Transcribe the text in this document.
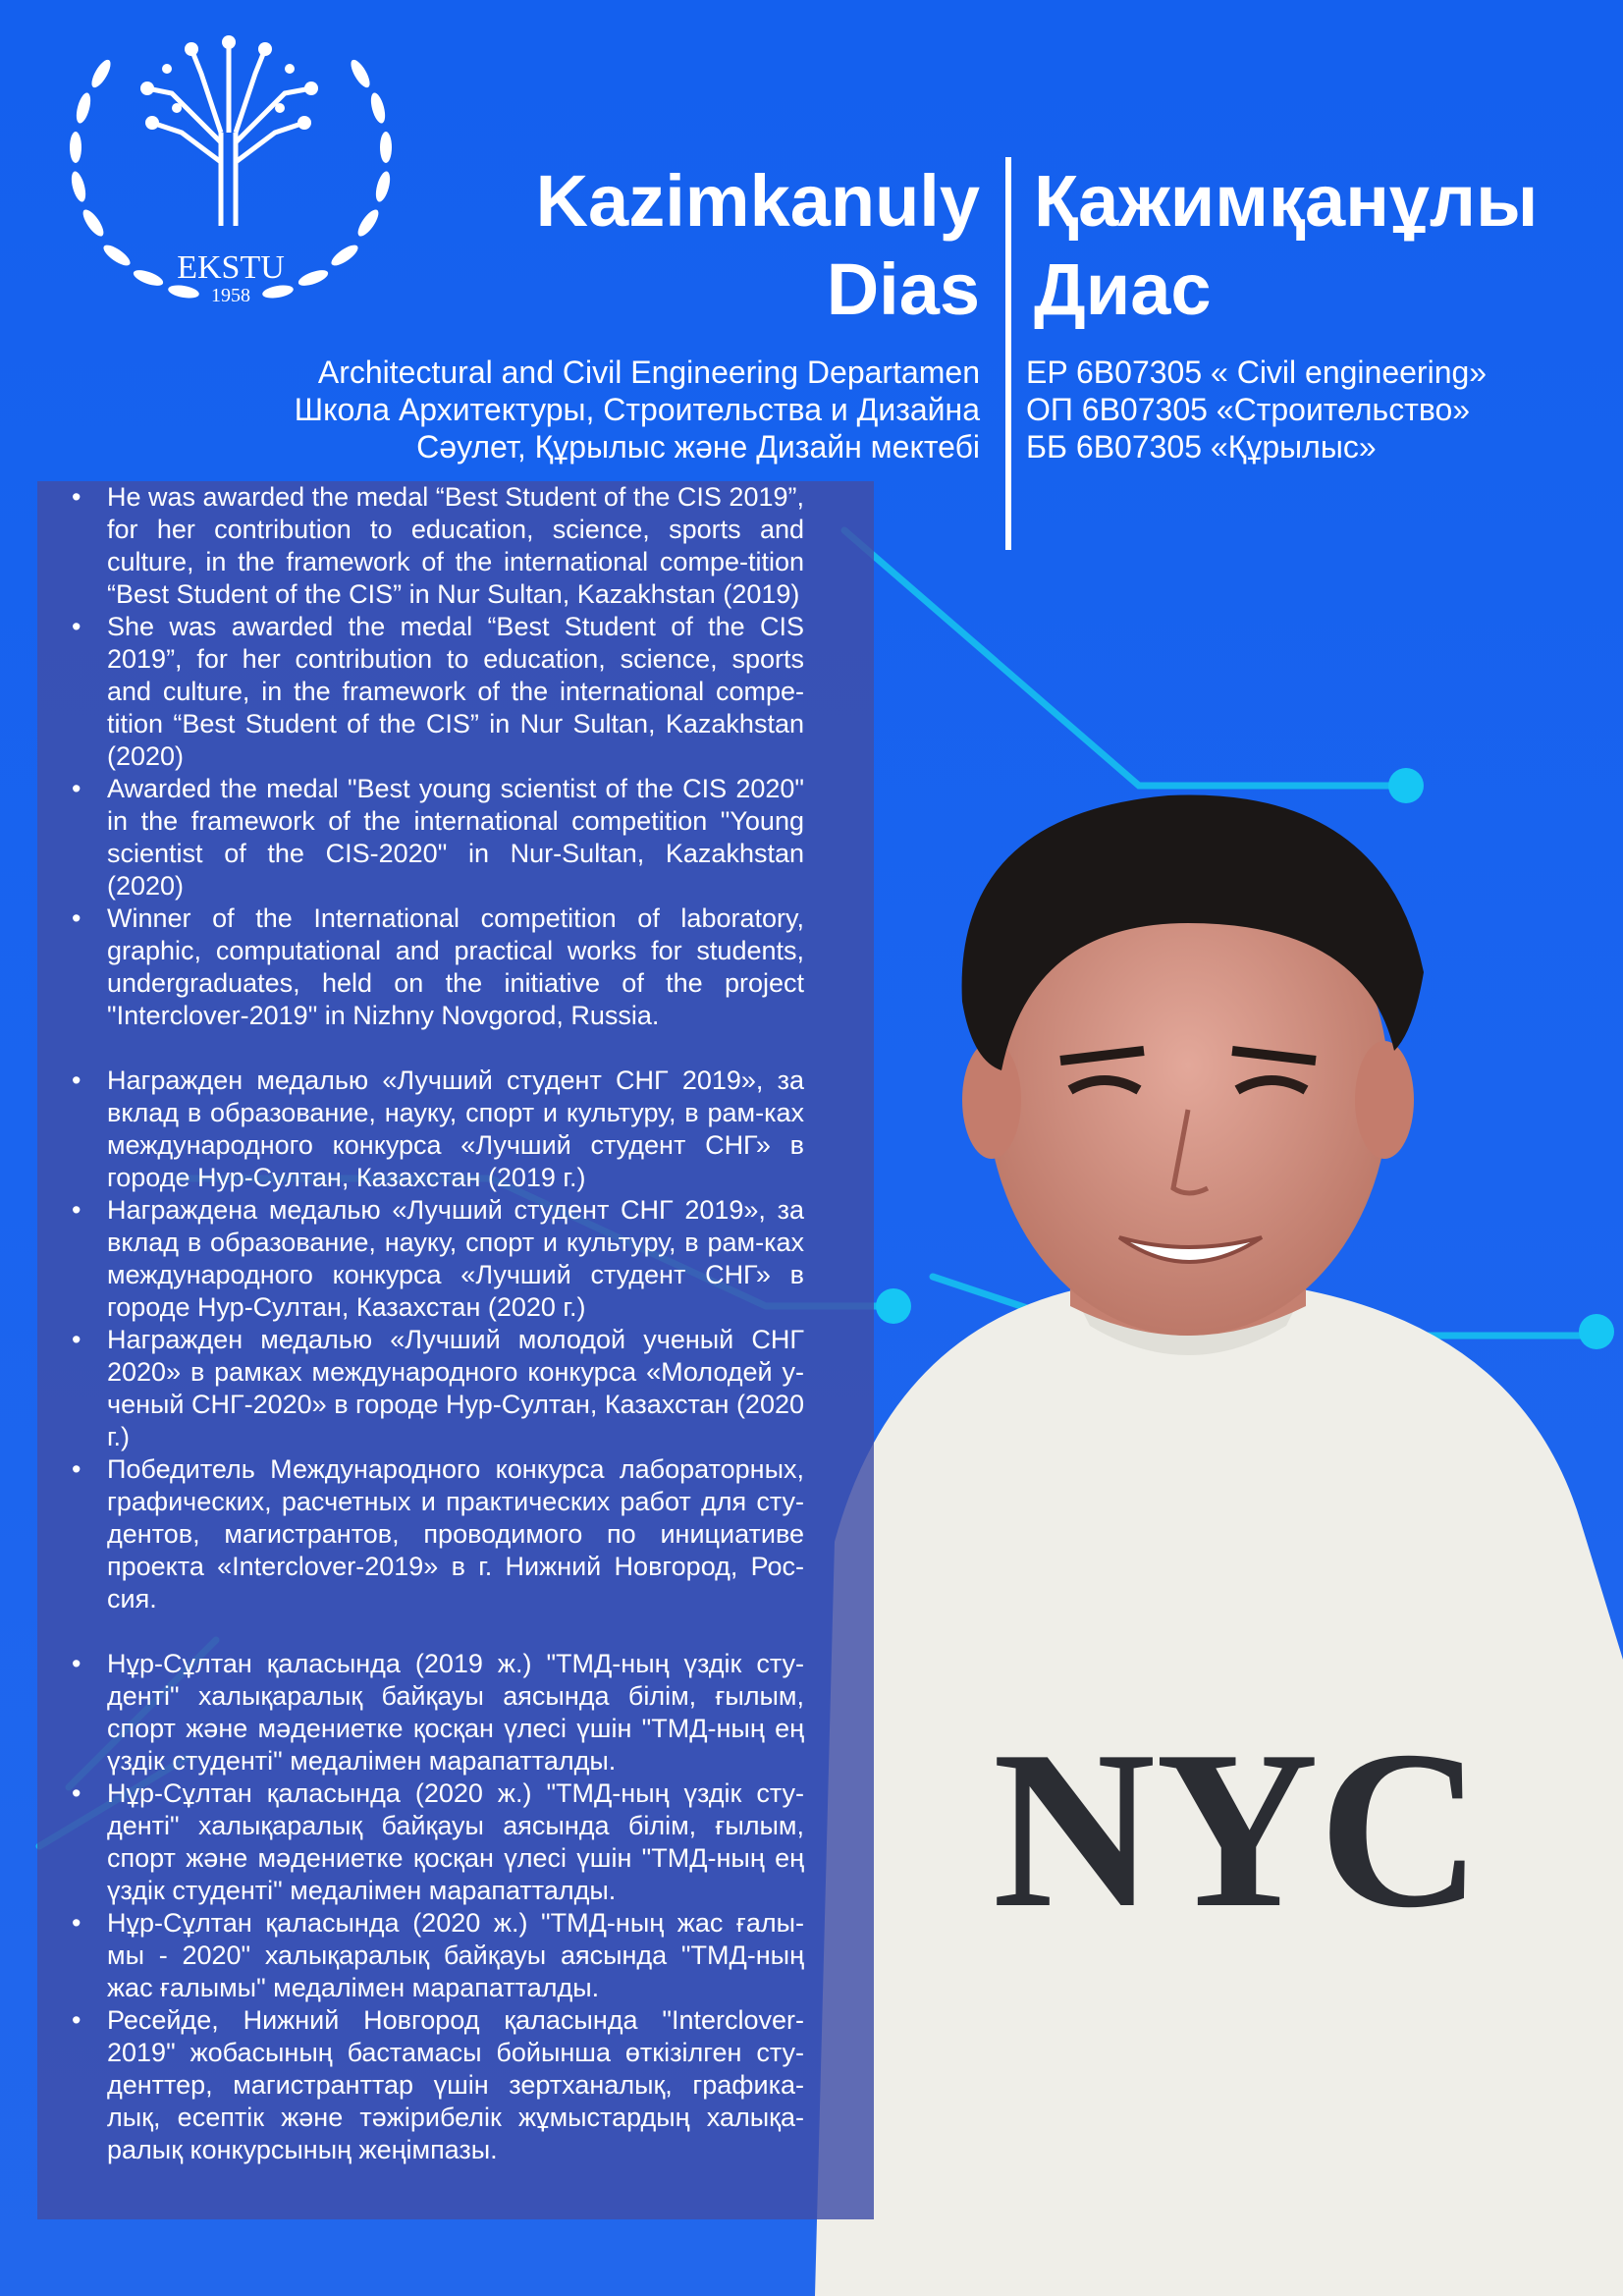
EKSTU
1958
Kazimkanuly
Dias
Қажимқанұлы
Диас
Architectural and Civil Engineering Departamen
Школа Архитектуры, Строительства и Дизайна
Сәулет, Құрылыс және Дизайн мектебі
EP 6B07305 « Civil engineering»
ОП 6B07305 «Строительство»
ББ 6B07305 «Құрылыс»
NYC
• He was awarded the medal “Best Student of the CIS 2019”, for her contribution to education, science, sports and culture, in the framework of the international compe-tition “Best Student of the CIS” in Nur Sultan, Kazakhstan (2019)
• She was awarded the medal “Best Student of the CIS 2019”, for her contribution to education, science, sports and culture, in the framework of the international compe-tition “Best Student of the CIS” in Nur Sultan, Kazakhstan (2020)
• Awarded the medal "Best young scientist of the CIS 2020" in the framework of the international competition "Young scientist of the CIS-2020" in Nur-Sultan, Kazakhstan (2020)
• Winner of the International competition of laboratory, graphic, computational and practical works for students, undergraduates, held on the initiative of the project "Interclover-2019" in Nizhny Novgorod, Russia.
• Награжден медалью «Лучший студент СНГ 2019», за вклад в образование, науку, спорт и культуру, в рам-ках международного конкурса «Лучший студент СНГ» в городе Нур-Султан, Казахстан (2019 г.)
• Награждена медалью «Лучший студент СНГ 2019», за вклад в образование, науку, спорт и культуру, в рам-ках международного конкурса «Лучший студент СНГ» в городе Нур-Султан, Казахстан (2020 г.)
• Награжден медалью «Лучший молодой ученый СНГ 2020» в рамках международного конкурса «Молодей у-ченый СНГ-2020» в городе Нур-Султан, Казахстан (2020 г.)
• Победитель Международного конкурса лабораторных, графических, расчетных и практических работ для сту-дентов, магистрантов, проводимого по инициативе проекта «Interclover-2019» в г. Нижний Новгород, Рос-сия.
• Нұр-Сұлтан қаласында (2019 ж.) "ТМД-ның үздік сту-денті" халықаралық байқауы аясында білім, ғылым, спорт және мәдениетке қосқан үлесі үшін "ТМД-ның ең үздік студенті" медалімен марапатталды.
• Нұр-Сұлтан қаласында (2020 ж.) "ТМД-ның үздік сту-денті" халықаралық байқауы аясында білім, ғылым, спорт және мәдениетке қосқан үлесі үшін "ТМД-ның ең үздік студенті" медалімен марапатталды.
• Нұр-Сұлтан қаласында (2020 ж.) "ТМД-ның жас ғалы-мы - 2020" халықаралық байқауы аясында "ТМД-ның жас ғалымы" медалімен марапатталды.
• Ресейде, Нижний Новгород қаласында "Interclover-2019" жобасының бастамасы бойынша өткізілген сту-денттер, магистранттар үшін зертханалық, графика-лық, есептік және тәжірибелік жұмыстардың халықа-ралық конкурсының жеңімпазы.
